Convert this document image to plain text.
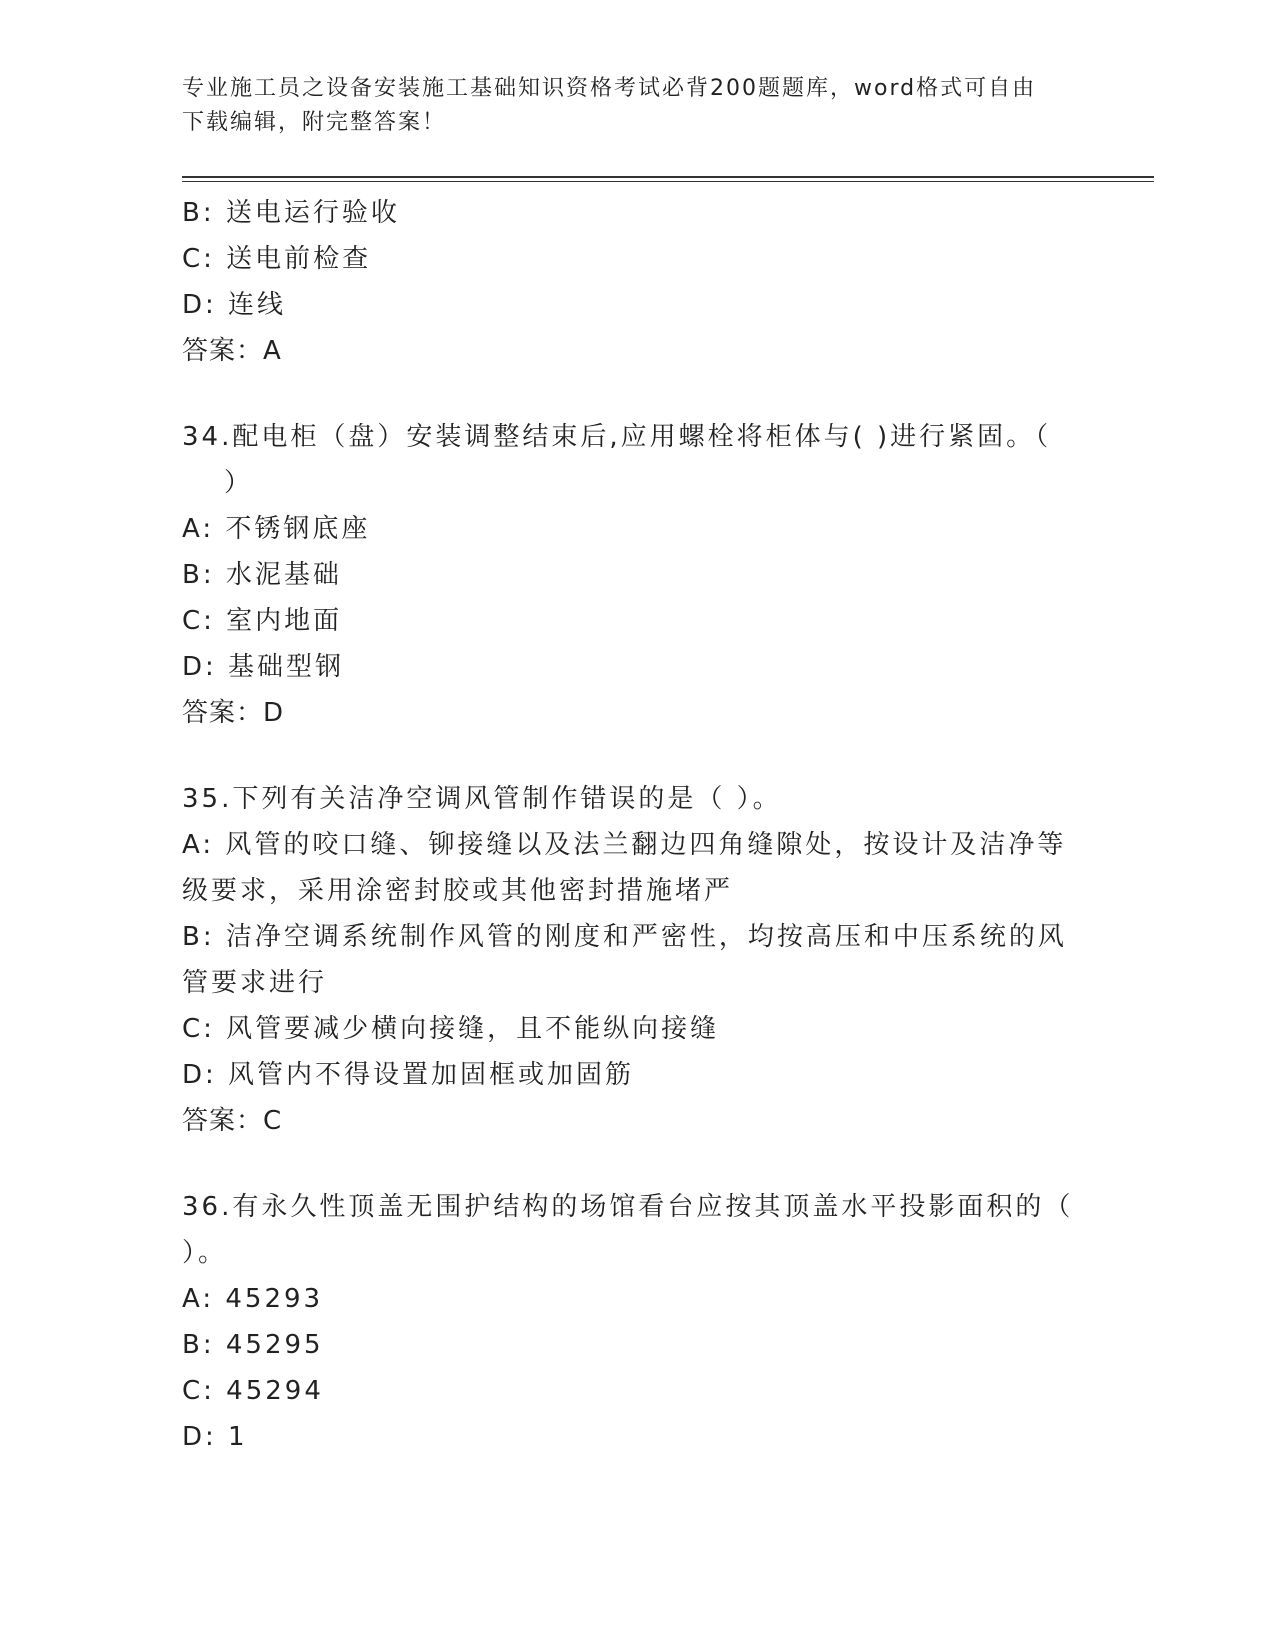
专业施工员之设备安装施工基础知识资格考试必背200题题库，word格式可自由
下载编辑，附完整答案！
B: 送电运行验收
C: 送电前检查
D: 连线
答案：A
34.配电柜（盘）安装调整结束后,应用螺栓将柜体与( )进行紧固。（
）
A: 不锈钢底座
B: 水泥基础
C: 室内地面
D: 基础型钢
答案：D
35.下列有关洁净空调风管制作错误的是（ ）。
A: 风管的咬口缝、铆接缝以及法兰翻边四角缝隙处，按设计及洁净等
级要求，采用涂密封胶或其他密封措施堵严
B: 洁净空调系统制作风管的刚度和严密性，均按高压和中压系统的风
管要求进行
C: 风管要减少横向接缝，且不能纵向接缝
D: 风管内不得设置加固框或加固筋
答案：C
36.有永久性顶盖无围护结构的场馆看台应按其顶盖水平投影面积的（
）。
A: 45293
B: 45295
C: 45294
D: 1
